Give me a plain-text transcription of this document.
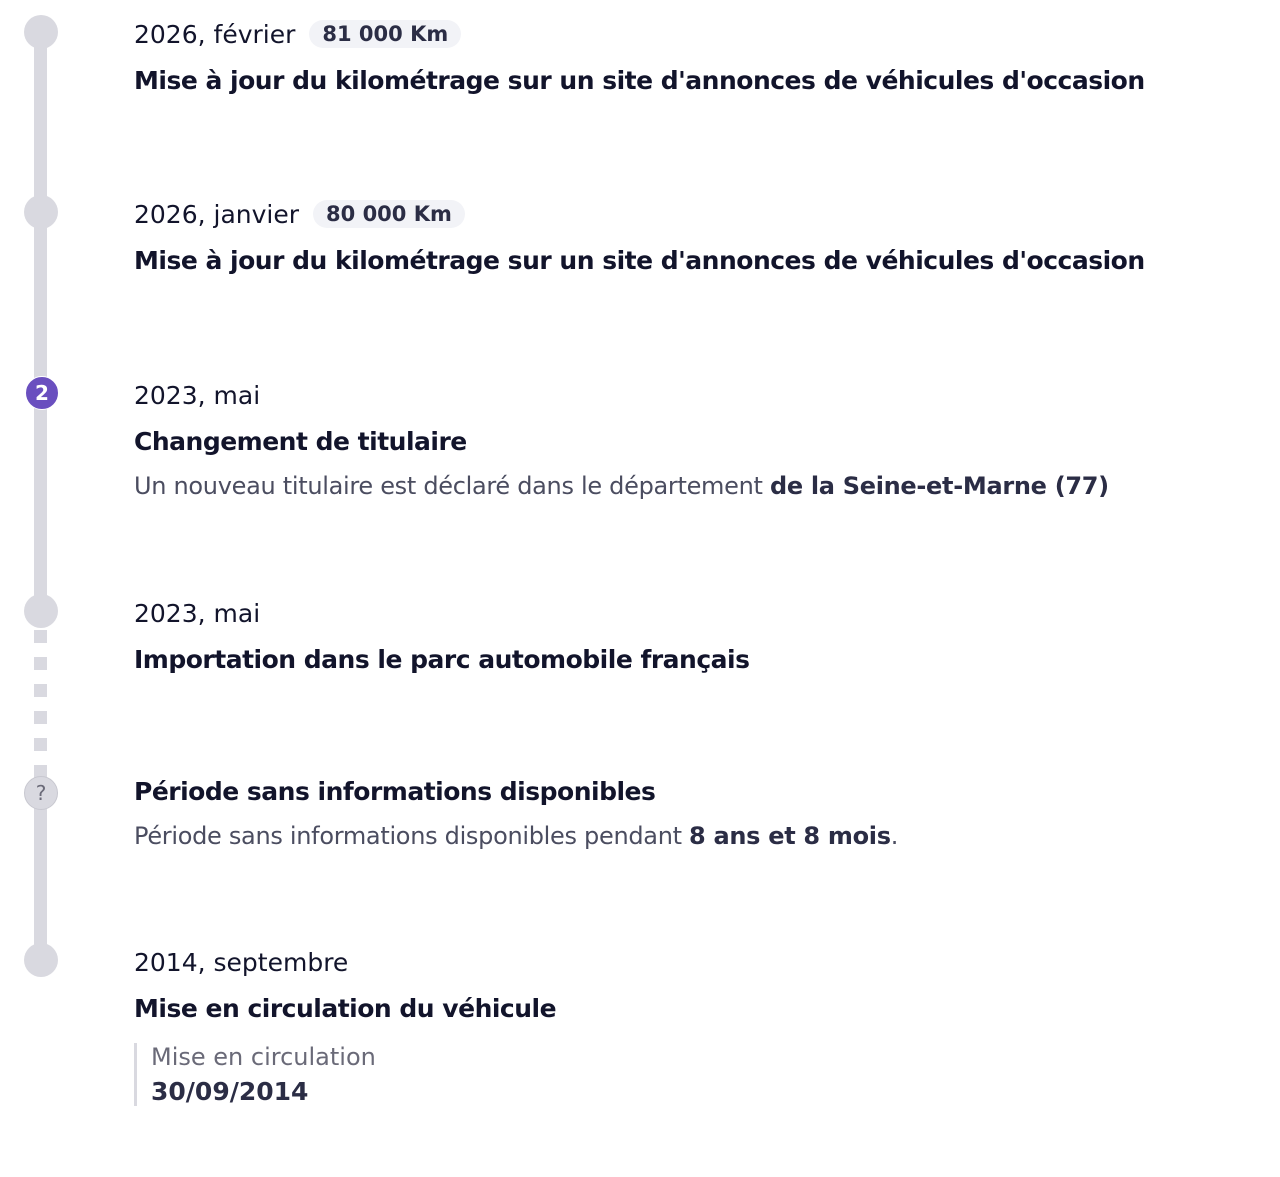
2
?
2026, février	81 000 Km
Mise à jour du kilométrage sur un site d'annonces de véhicules d'occasion
2026, janvier	80 000 Km
Mise à jour du kilométrage sur un site d'annonces de véhicules d'occasion
2023, mai
Changement de titulaire
Un nouveau titulaire est déclaré dans le département de la Seine-et-Marne (77)
2023, mai
Importation dans le parc automobile français
Période sans informations disponibles
Période sans informations disponibles pendant 8 ans et 8 mois.
2014, septembre
Mise en circulation du véhicule
Mise en circulation
30/09/2014
